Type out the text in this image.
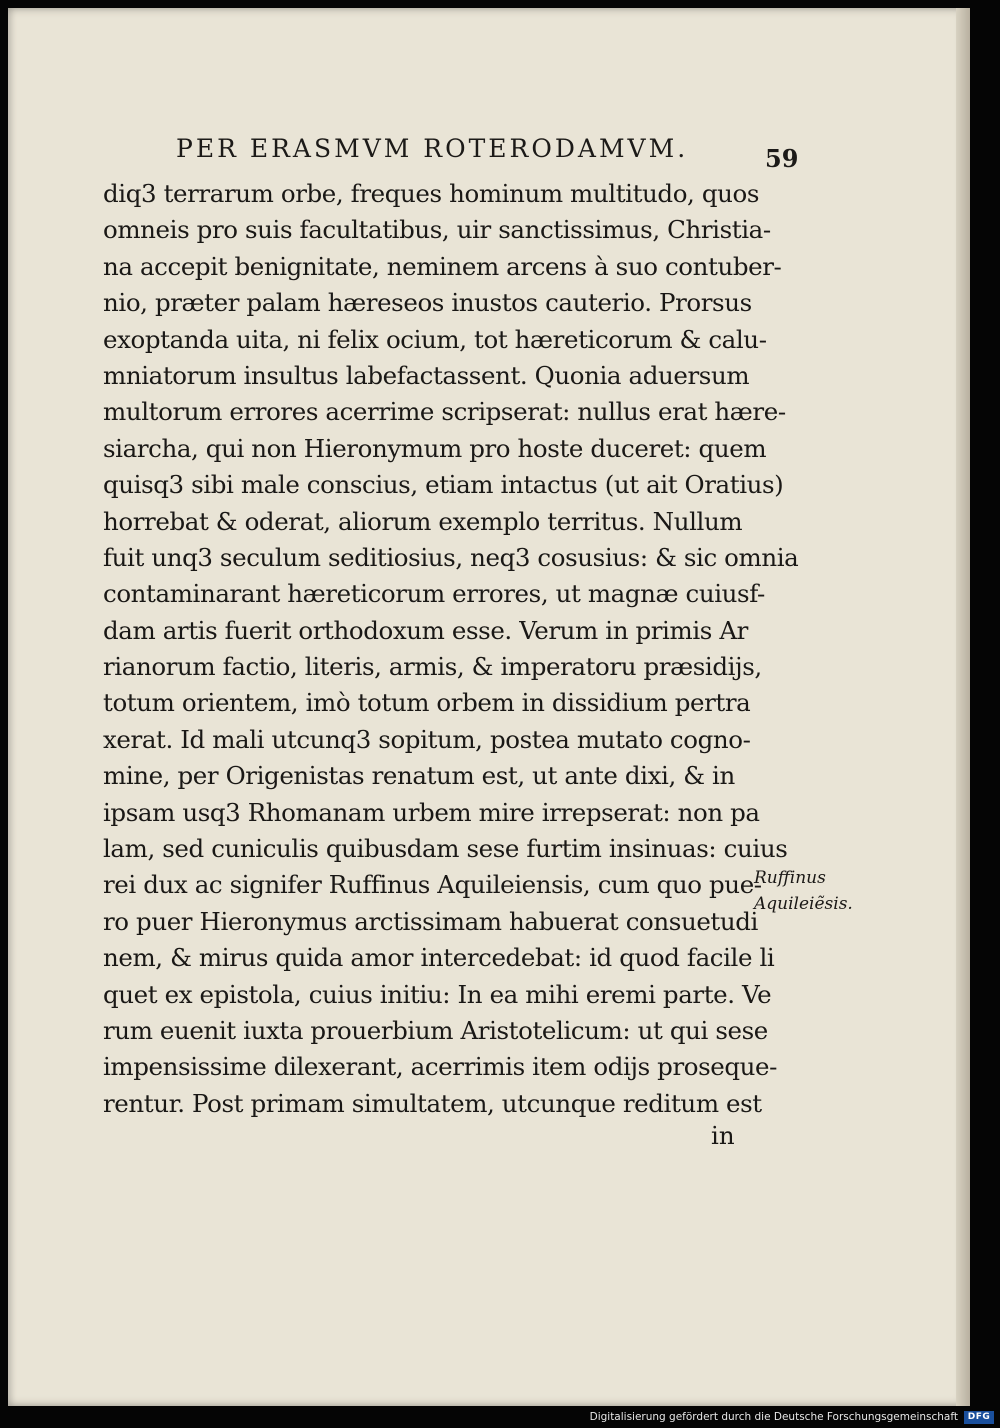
PER ERASMVM ROTERODAMVM.	59
diq3 terrarum orbe, freques hominum multitudo, quos
omneis pro suis facultatibus, uir sanctissimus, Christia-
na accepit benignitate, neminem arcens à suo contuber-
nio, præter palam hæreseos inustos cauterio. Prorsus
exoptanda uita, ni felix ocium, tot hæreticorum & calu-
mniatorum insultus labefactassent. Quonia aduersum
multorum errores acerrime scripserat: nullus erat hære-
siarcha, qui non Hieronymum pro hoste duceret: quem
quisq3 sibi male conscius, etiam intactus (ut ait Oratius)
horrebat & oderat, aliorum exemplo territus. Nullum
fuit unq3 seculum seditiosius, neq3 cosusius: & sic omnia
contaminarant hæreticorum errores, ut magnæ cuiusf-
dam artis fuerit orthodoxum esse. Verum in primis Ar
rianorum factio, literis, armis, & imperatoru præsidijs,
totum orientem, imò totum orbem in dissidium pertra
xerat. Id mali utcunq3 sopitum, postea mutato cogno-
mine, per Origenistas renatum est, ut ante dixi, & in
ipsam usq3 Rhomanam urbem mire irrepserat: non pa
lam, sed cuniculis quibusdam sese furtim insinuas: cuius
rei dux ac signifer Ruffinus Aquileiensis, cum quo pue-
ro puer Hieronymus arctissimam habuerat consuetudi
nem, & mirus quida amor intercedebat: id quod facile li
quet ex epistola, cuius initiu: In ea mihi eremi parte. Ve
rum euenit iuxta prouerbium Aristotelicum: ut qui sese
impensissime dilexerant, acerrimis item odijs proseque-
rentur. Post primam simultatem, utcunque reditum est
in
Ruffinus
Aquileiẽsis.
Digitalisierung gefördert durch die Deutsche Forschungsgemeinschaft	DFG
